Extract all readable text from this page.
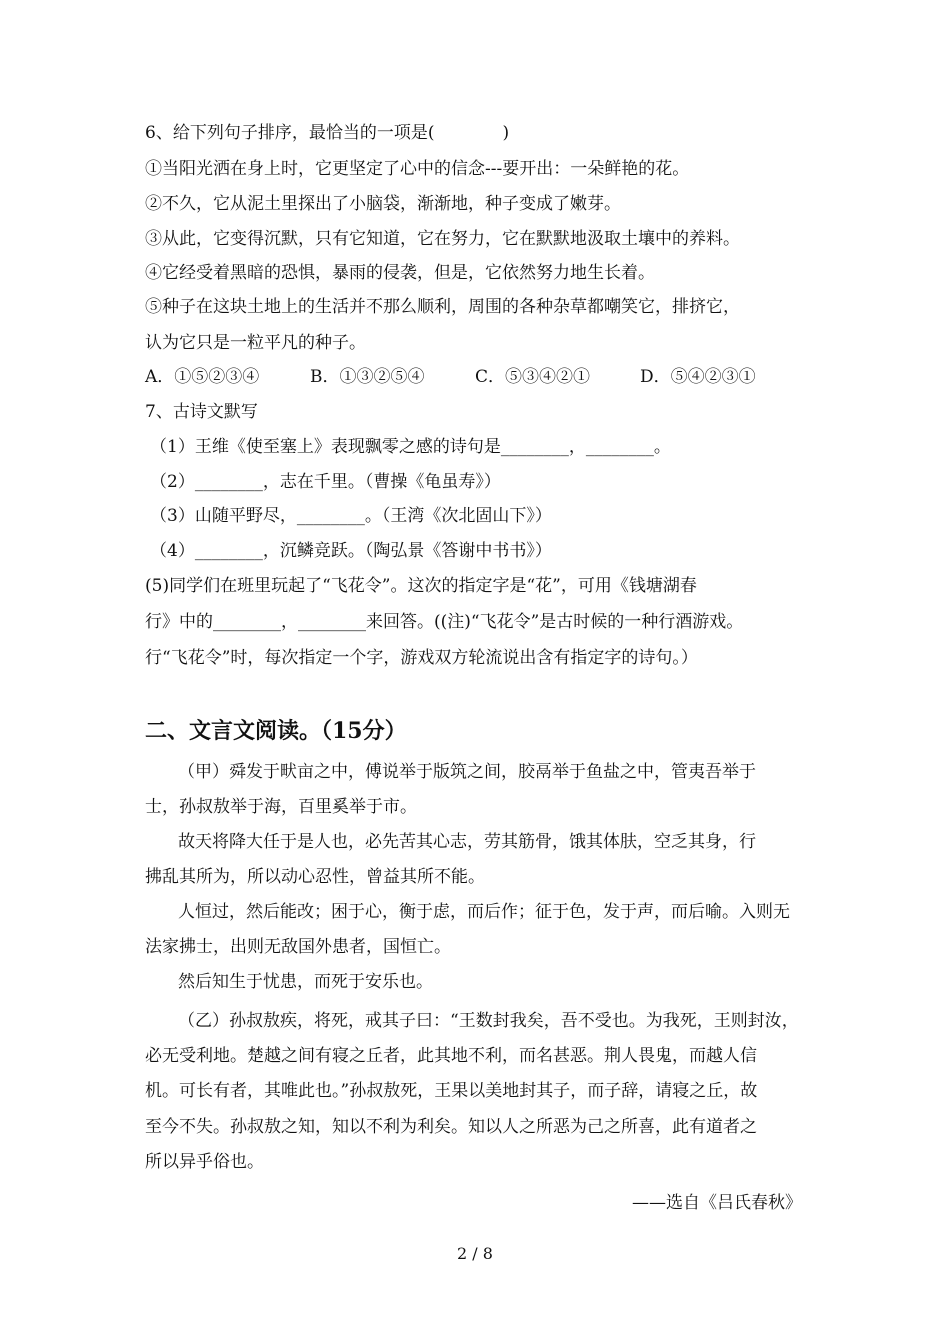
6、给下列句子排序，最恰当的一项是(　　　　)
①当阳光洒在身上时，它更坚定了心中的信念---要开出：一朵鲜艳的花。
②不久，它从泥土里探出了小脑袋，渐渐地，种子变成了嫩芽。
③从此，它变得沉默，只有它知道，它在努力，它在默默地汲取土壤中的养料。
④它经受着黑暗的恐惧，暴雨的侵袭，但是，它依然努力地生长着。
⑤种子在这块土地上的生活并不那么顺利，周围的各种杂草都嘲笑它，排挤它，
认为它只是一粒平凡的种子。
A．①⑤②③④	B．①③②⑤④	C．⑤③④②①	D．⑤④②③①
7、古诗文默写
（1）王维《使至塞上》表现飘零之感的诗句是________，________。
（2）________，志在千里。（曹操《龟虽寿》）
（3）山随平野尽，________。（王湾《次北固山下》）
（4）________，沉鳞竞跃。（陶弘景《答谢中书书》）
(5)同学们在班里玩起了“飞花令”。这次的指定字是“花”，可用《钱塘湖春
行》中的________，________来回答。((注)“飞花令”是古时候的一种行酒游戏。
行“飞花令”时，每次指定一个字，游戏双方轮流说出含有指定字的诗句。）
二、文言文阅读。（15分）
（甲）舜发于畎亩之中，傅说举于版筑之间，胶鬲举于鱼盐之中，管夷吾举于
士，孙叔敖举于海，百里奚举于市。
故天将降大任于是人也，必先苦其心志，劳其筋骨，饿其体肤，空乏其身，行
拂乱其所为，所以动心忍性，曾益其所不能。
人恒过，然后能改；困于心，衡于虑，而后作；征于色，发于声，而后喻。入则无
法家拂士，出则无敌国外患者，国恒亡。
然后知生于忧患，而死于安乐也。
（乙）孙叔敖疾，将死，戒其子曰：“王数封我矣，吾不受也。为我死，王则封汝，
必无受利地。楚越之间有寝之丘者，此其地不利，而名甚恶。荆人畏鬼，而越人信
机。可长有者，其唯此也。”孙叔敖死，王果以美地封其子，而子辞，请寝之丘，故
至今不失。孙叔敖之知，知以不利为利矣。知以人之所恶为己之所喜，此有道者之
所以异乎俗也。
——选自《吕氏春秋》
2 / 8
